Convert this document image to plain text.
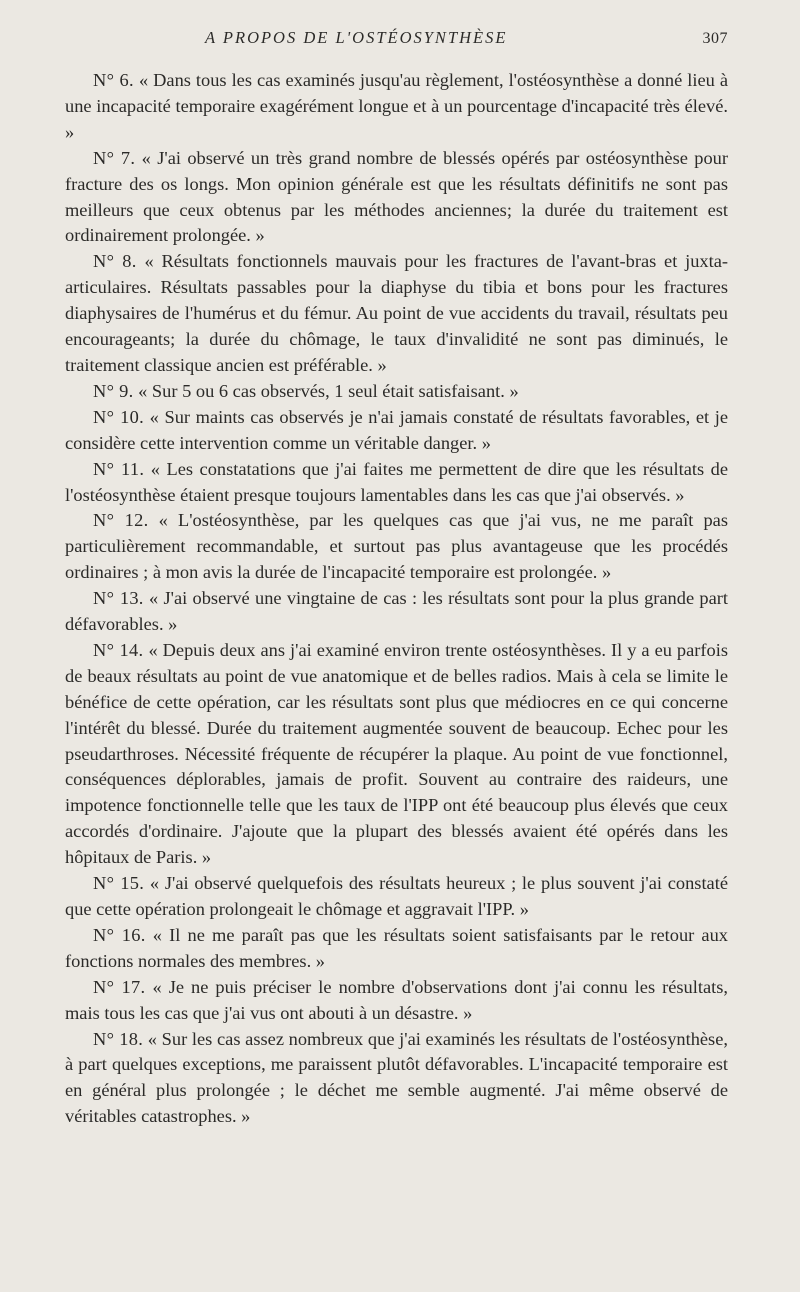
A PROPOS DE L'OSTÉOSYNTHÈSE	307

N° 6. « Dans tous les cas examinés jusqu'au règlement, l'ostéosynthèse a donné lieu à une incapacité temporaire exagérément longue et à un pourcentage d'incapacité très élevé. »

N° 7. « J'ai observé un très grand nombre de blessés opérés par ostéosynthèse pour fracture des os longs. Mon opinion générale est que les résultats définitifs ne sont pas meilleurs que ceux obtenus par les méthodes anciennes; la durée du traitement est ordinairement prolongée. »

N° 8. « Résultats fonctionnels mauvais pour les fractures de l'avant-bras et juxta-articulaires. Résultats passables pour la diaphyse du tibia et bons pour les fractures diaphysaires de l'humérus et du fémur. Au point de vue accidents du travail, résultats peu encourageants; la durée du chômage, le taux d'invalidité ne sont pas diminués, le traitement classique ancien est préférable. »

N° 9. « Sur 5 ou 6 cas observés, 1 seul était satisfaisant. »

N° 10. « Sur maints cas observés je n'ai jamais constaté de résultats favorables, et je considère cette intervention comme un véritable danger. »

N° 11. « Les constatations que j'ai faites me permettent de dire que les résultats de l'ostéosynthèse étaient presque toujours lamentables dans les cas que j'ai observés. »

N° 12. « L'ostéosynthèse, par les quelques cas que j'ai vus, ne me paraît pas particulièrement recommandable, et surtout pas plus avantageuse que les procédés ordinaires ; à mon avis la durée de l'incapacité temporaire est prolongée. »

N° 13. « J'ai observé une vingtaine de cas : les résultats sont pour la plus grande part défavorables. »

N° 14. « Depuis deux ans j'ai examiné environ trente ostéosynthèses. Il y a eu parfois de beaux résultats au point de vue anatomique et de belles radios. Mais à cela se limite le bénéfice de cette opération, car les résultats sont plus que médiocres en ce qui concerne l'intérêt du blessé. Durée du traitement augmentée souvent de beaucoup. Echec pour les pseudarthroses. Nécessité fréquente de récupérer la plaque. Au point de vue fonctionnel, conséquences déplorables, jamais de profit. Souvent au contraire des raideurs, une impotence fonctionnelle telle que les taux de l'IPP ont été beaucoup plus élevés que ceux accordés d'ordinaire. J'ajoute que la plupart des blessés avaient été opérés dans les hôpitaux de Paris. »

N° 15. « J'ai observé quelquefois des résultats heureux ; le plus souvent j'ai constaté que cette opération prolongeait le chômage et aggravait l'IPP. »

N° 16. « Il ne me paraît pas que les résultats soient satisfaisants par le retour aux fonctions normales des membres. »

N° 17. « Je ne puis préciser le nombre d'observations dont j'ai connu les résultats, mais tous les cas que j'ai vus ont abouti à un désastre. »

N° 18. « Sur les cas assez nombreux que j'ai examinés les résultats de l'ostéosynthèse, à part quelques exceptions, me paraissent plutôt défavorables. L'incapacité temporaire est en général plus prolongée ; le déchet me semble augmenté. J'ai même observé de véritables catastrophes. »
